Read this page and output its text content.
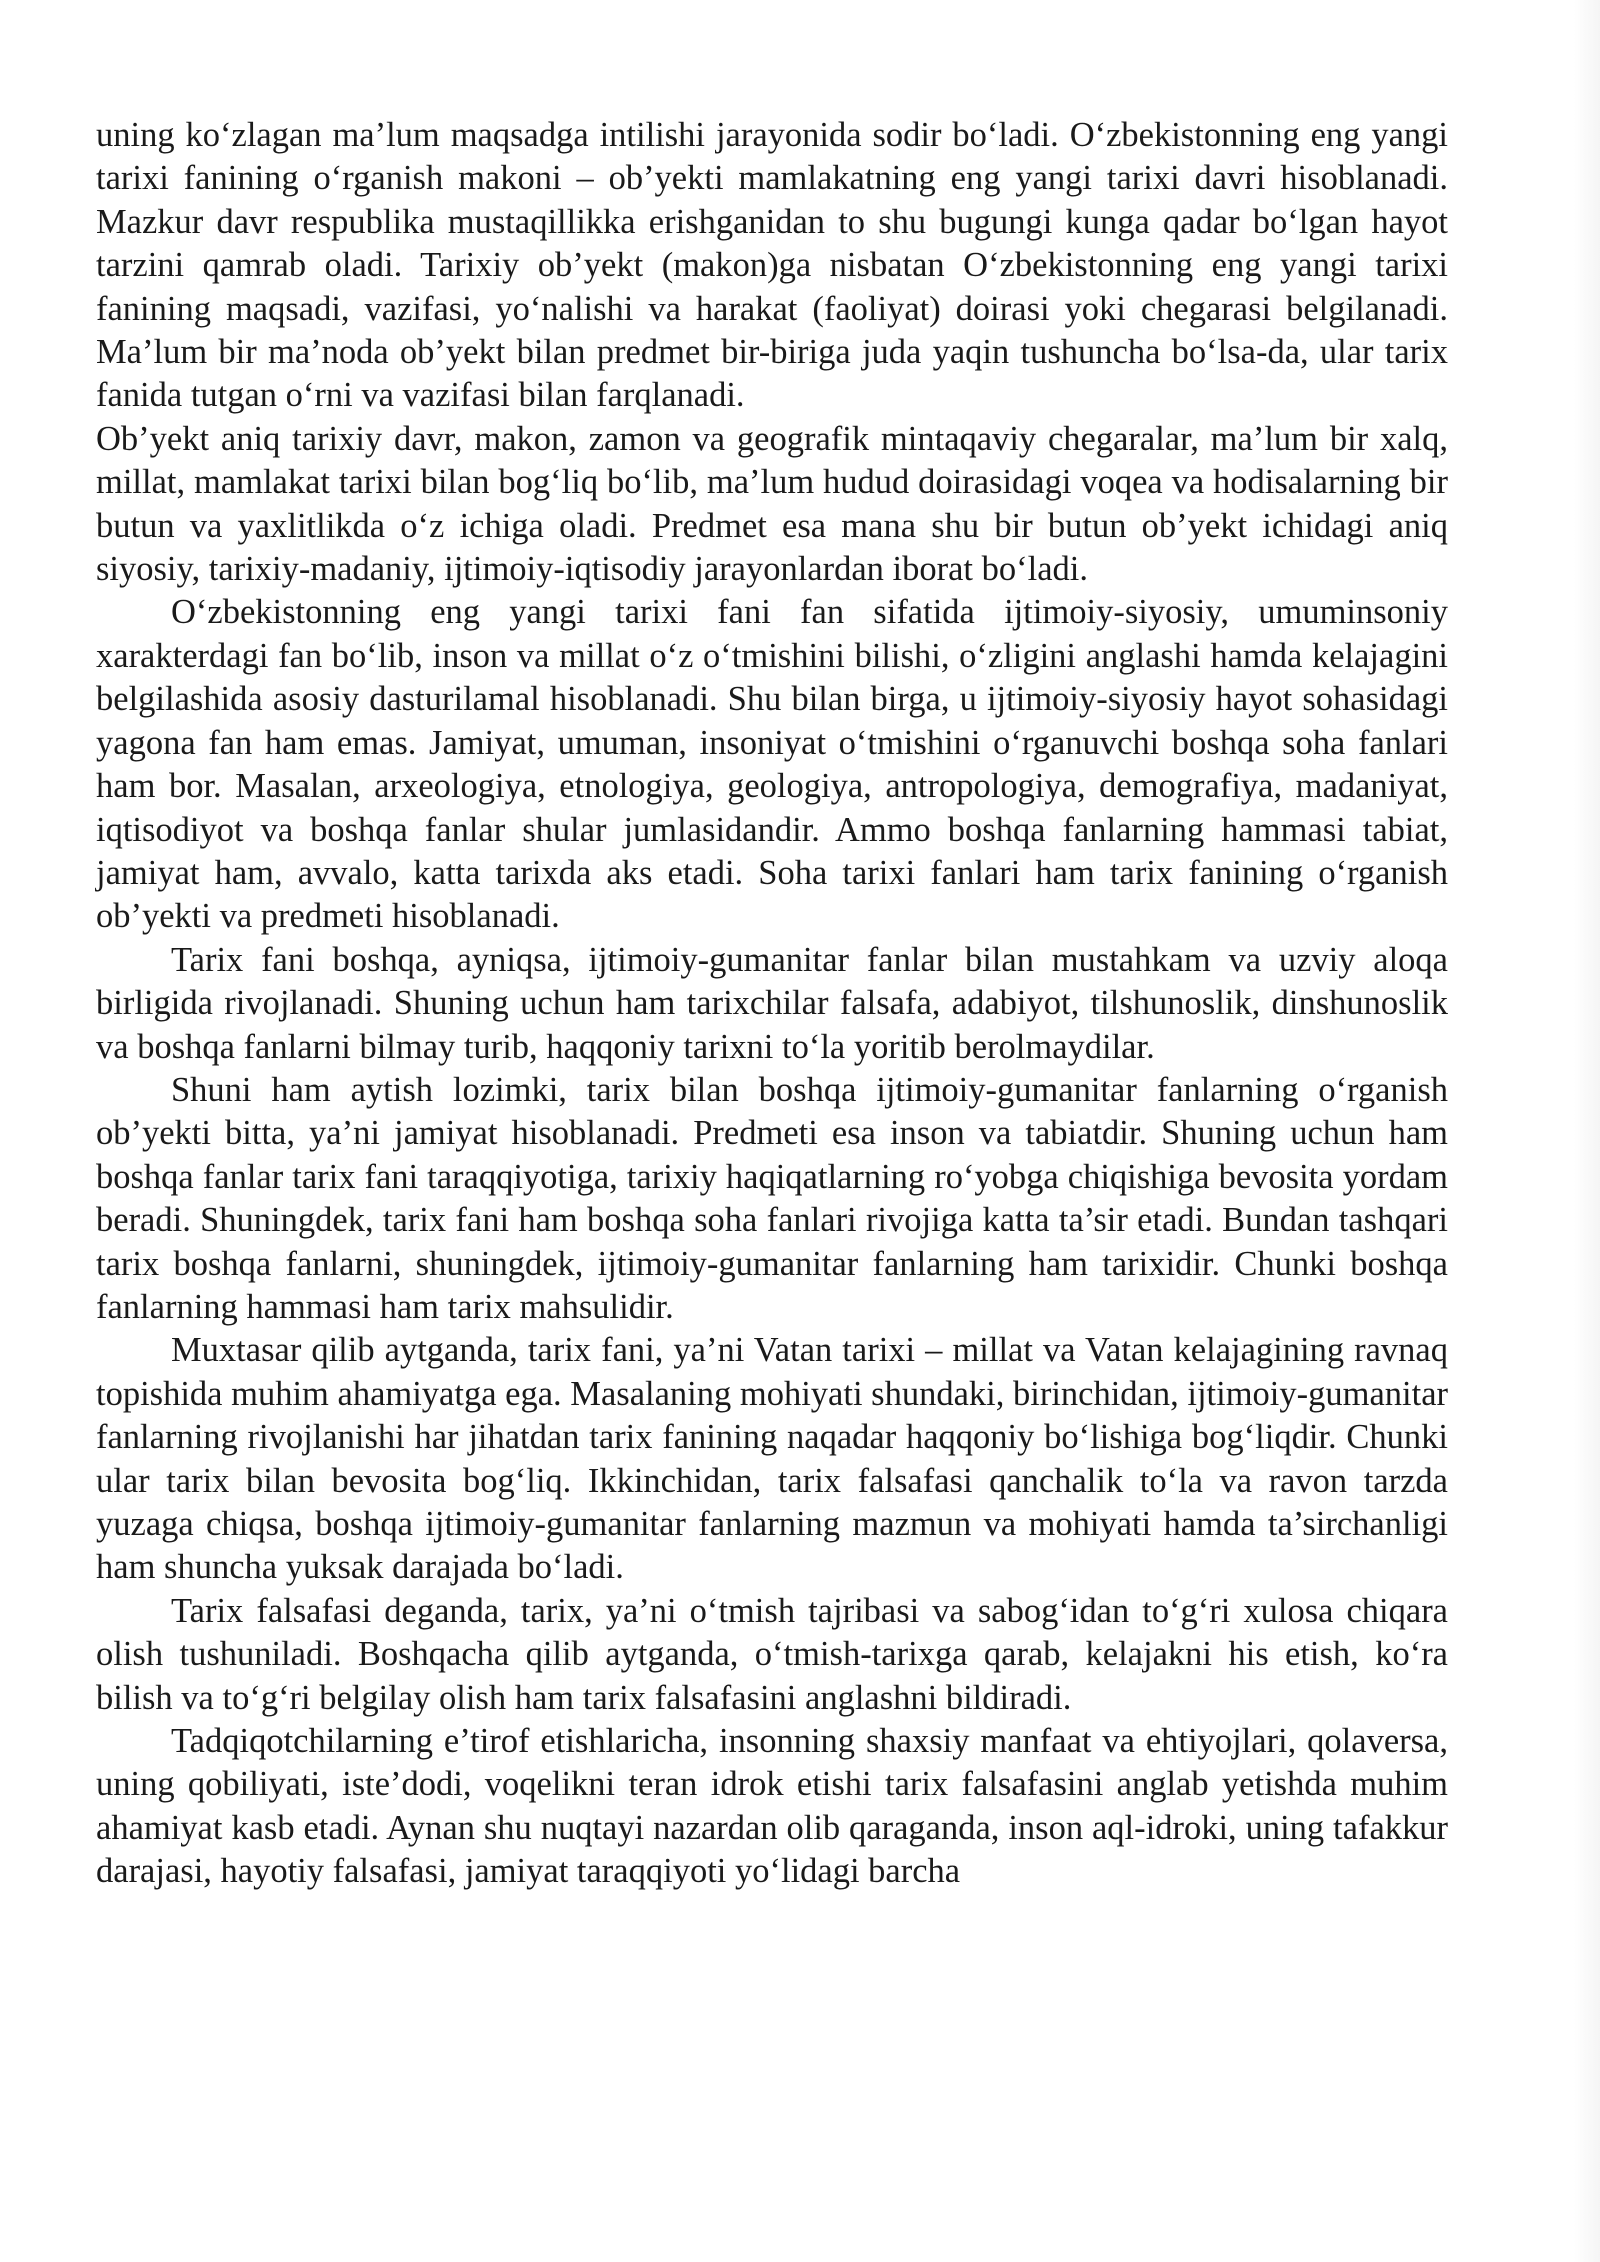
uning ko‘zlagan ma’lum maqsadga intilishi jarayonida sodir bo‘ladi. O‘zbekistonning eng yangi tarixi fanining o‘rganish makoni – ob’yekti mamlakatning eng yangi tarixi davri hisoblanadi. Mazkur davr respublika mustaqillikka erishganidan to shu bugungi kunga qadar bo‘lgan hayot tarzini qamrab oladi. Tarixiy ob’yekt (makon)ga nisbatan O‘zbekistonning eng yangi tarixi fanining maqsadi, vazifasi, yo‘nalishi va harakat (faoliyat) doirasi yoki chegarasi belgilanadi. Ma’lum bir ma’noda ob’yekt bilan predmet bir-biriga juda yaqin tushuncha bo‘lsa-da, ular tarix fanida tutgan o‘rni va vazifasi bilan farqlanadi.

Ob’yekt aniq tarixiy davr, makon, zamon va geografik mintaqaviy chegaralar, ma’lum bir xalq, millat, mamlakat tarixi bilan bog‘liq bo‘lib, ma’lum hudud doirasidagi voqea va hodisalarning bir butun va yaxlitlikda o‘z ichiga oladi. Predmet esa mana shu bir butun ob’yekt ichidagi aniq siyosiy, tarixiy-madaniy, ijtimoiy-iqtisodiy jarayonlardan iborat bo‘ladi.

O‘zbekistonning eng yangi tarixi fani fan sifatida ijtimoiy-siyosiy, umuminsoniy xarakterdagi fan bo‘lib, inson va millat o‘z o‘tmishini bilishi, o‘zligini anglashi hamda kelajagini belgilashida asosiy dasturilamal hisoblanadi. Shu bilan birga, u ijtimoiy-siyosiy hayot sohasidagi yagona fan ham emas. Jamiyat, umuman, insoniyat o‘tmishini o‘rganuvchi boshqa soha fanlari ham bor. Masalan, arxeologiya, etnologiya, geologiya, antropologiya, demografiya, madaniyat, iqtisodiyot va boshqa fanlar shular jumlasidandir. Ammo boshqa fanlarning hammasi tabiat, jamiyat ham, avvalo, katta tarixda aks etadi. Soha tarixi fanlari ham tarix fanining o‘rganish ob’yekti va predmeti hisoblanadi.

Tarix fani boshqa, ayniqsa, ijtimoiy-gumanitar fanlar bilan mustahkam va uzviy aloqa birligida rivojlanadi. Shuning uchun ham tarixchilar falsafa, adabiyot, tilshunoslik, dinshunoslik va boshqa fanlarni bilmay turib, haqqoniy tarixni to‘la yoritib berolmaydilar.

Shuni ham aytish lozimki, tarix bilan boshqa ijtimoiy-gumanitar fanlarning o‘rganish ob’yekti bitta, ya’ni jamiyat hisoblanadi. Predmeti esa inson va tabiatdir. Shuning uchun ham boshqa fanlar tarix fani taraqqiyotiga, tarixiy haqiqatlarning ro‘yobga chiqishiga bevosita yordam beradi. Shuningdek, tarix fani ham boshqa soha fanlari rivojiga katta ta’sir etadi. Bundan tashqari tarix boshqa fanlarni, shuningdek, ijtimoiy-gumanitar fanlarning ham tarixidir. Chunki boshqa fanlarning hammasi ham tarix mahsulidir.

Muxtasar qilib aytganda, tarix fani, ya’ni Vatan tarixi – millat va Vatan kelajagining ravnaq topishida muhim ahamiyatga ega. Masalaning mohiyati shundaki, birinchidan, ijtimoiy-gumanitar fanlarning rivojlanishi har jihatdan tarix fanining naqadar haqqoniy bo‘lishiga bog‘liqdir. Chunki ular tarix bilan bevosita bog‘liq. Ikkinchidan, tarix falsafasi qanchalik to‘la va ravon tarzda yuzaga chiqsa, boshqa ijtimoiy-gumanitar fanlarning mazmun va mohiyati hamda ta’sirchanligi ham shuncha yuksak darajada bo‘ladi.

Tarix falsafasi deganda, tarix, ya’ni o‘tmish tajribasi va sabog‘idan to‘g‘ri xulosa chiqara olish tushuniladi. Boshqacha qilib aytganda, o‘tmish-tarixga qarab, kelajakni his etish, ko‘ra bilish va to‘g‘ri belgilay olish ham tarix falsafasini anglashni bildiradi.

Tadqiqotchilarning e’tirof etishlaricha, insonning shaxsiy manfaat va ehtiyojlari, qolaversa, uning qobiliyati, iste’dodi, voqelikni teran idrok etishi tarix falsafasini anglab yetishda muhim ahamiyat kasb etadi. Aynan shu nuqtayi nazardan olib qaraganda, inson aql-idroki, uning tafakkur darajasi, hayotiy falsafasi, jamiyat taraqqiyoti yo‘lidagi barcha
